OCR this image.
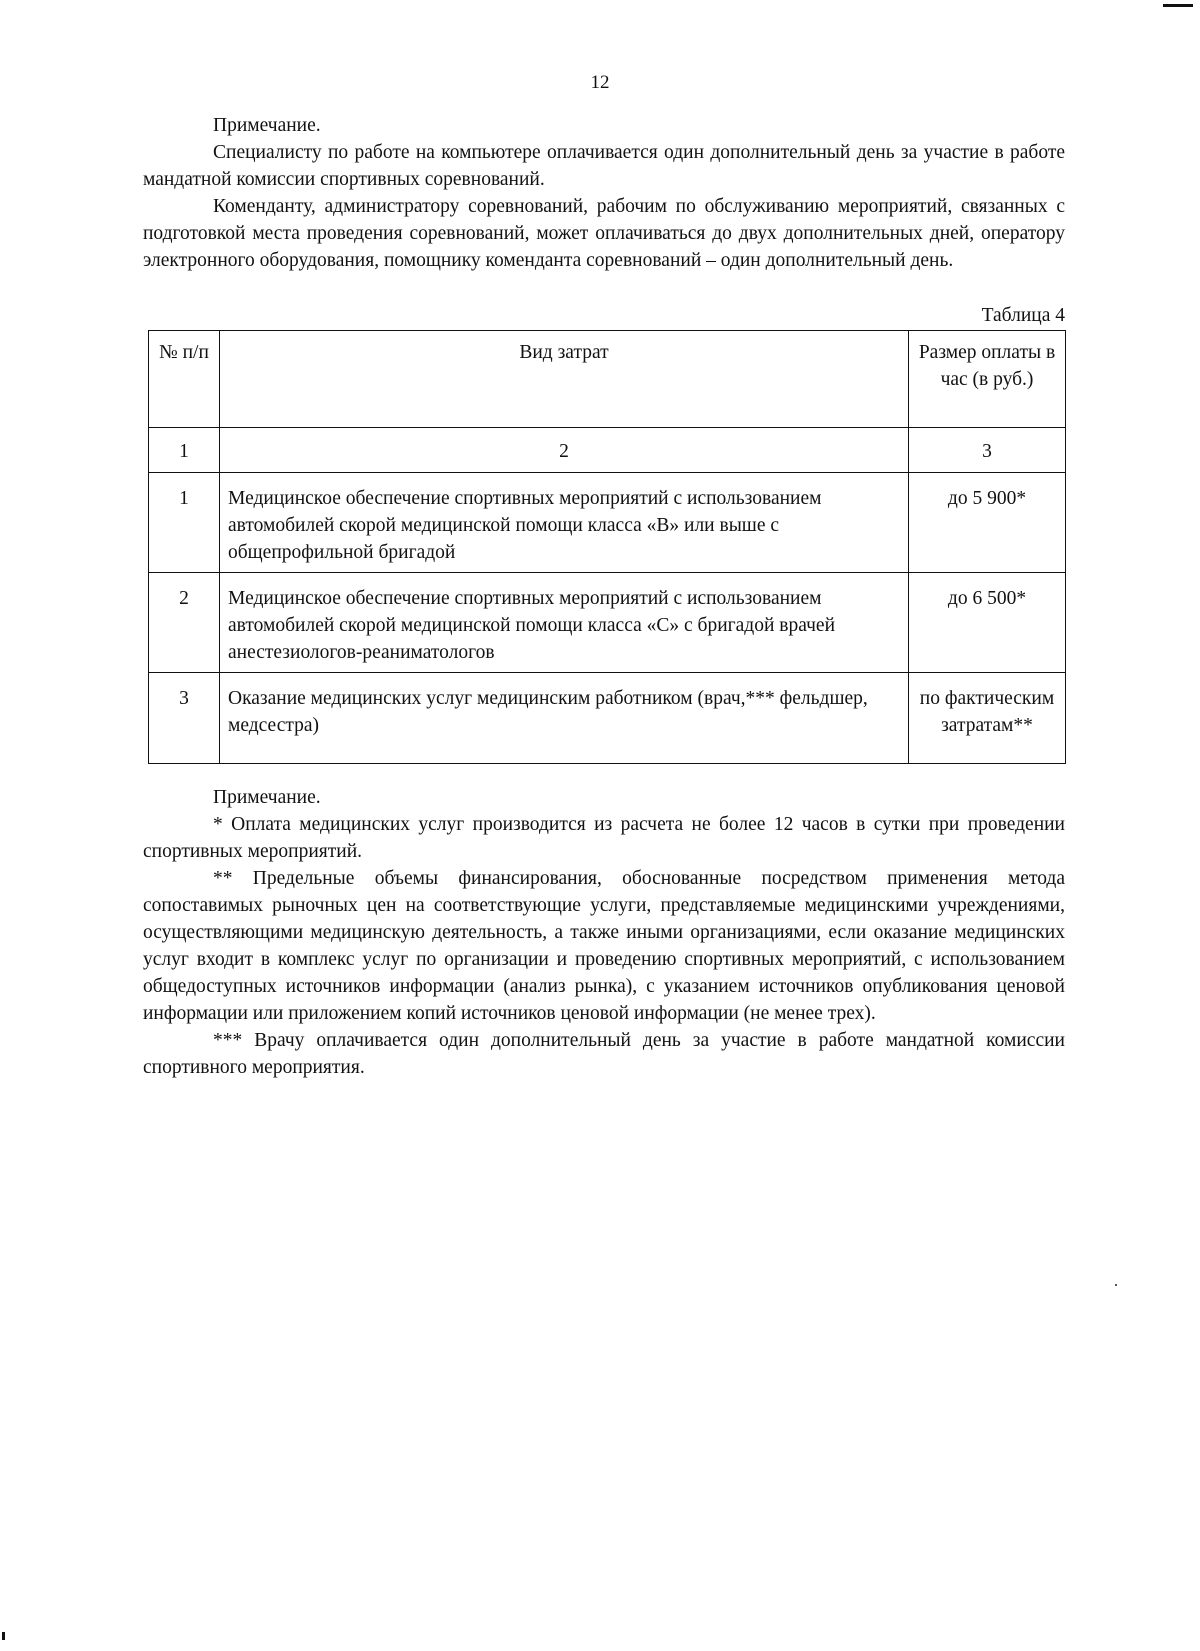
12

Примечание.

Специалисту по работе на компьютере оплачивается один дополнительный день за участие в работе мандатной комиссии спортивных соревнований.

Коменданту, администратору соревнований, рабочим по обслуживанию мероприятий, связанных с подготовкой места проведения соревнований, может оплачиваться до двух дополнительных дней, оператору электронного оборудования, помощнику коменданта соревнований – один дополнительный день.

Таблица 4
№ п/п	Вид затрат	Размер оплаты в час (в руб.)
1	2	3
1	Медицинское обеспечение спортивных мероприятий с использованием автомобилей скорой медицинской помощи класса «В» или выше с общепрофильной бригадой	до 5 900*
2	Медицинское обеспечение спортивных мероприятий с использованием автомобилей скорой медицинской помощи класса «С» с бригадой врачей анестезиологов-реаниматологов	до 6 500*
3	Оказание медицинских услуг медицинским работником (врач,*** фельдшер, медсестра)	по фактическим затратам**

Примечание.

* Оплата медицинских услуг производится из расчета не более 12 часов в сутки при проведении спортивных мероприятий.

** Предельные объемы финансирования, обоснованные посредством применения метода сопоставимых рыночных цен на соответствующие услуги, представляемые медицинскими учреждениями, осуществляющими медицинскую деятельность, а также иными организациями, если оказание медицинских услуг входит в комплекс услуг по организации и проведению спортивных мероприятий, с использованием общедоступных источников информации (анализ рынка), с указанием источников опубликования ценовой информации или приложением копий источников ценовой информации (не менее трех).

*** Врачу оплачивается один дополнительный день за участие в работе мандатной комиссии спортивного мероприятия.
